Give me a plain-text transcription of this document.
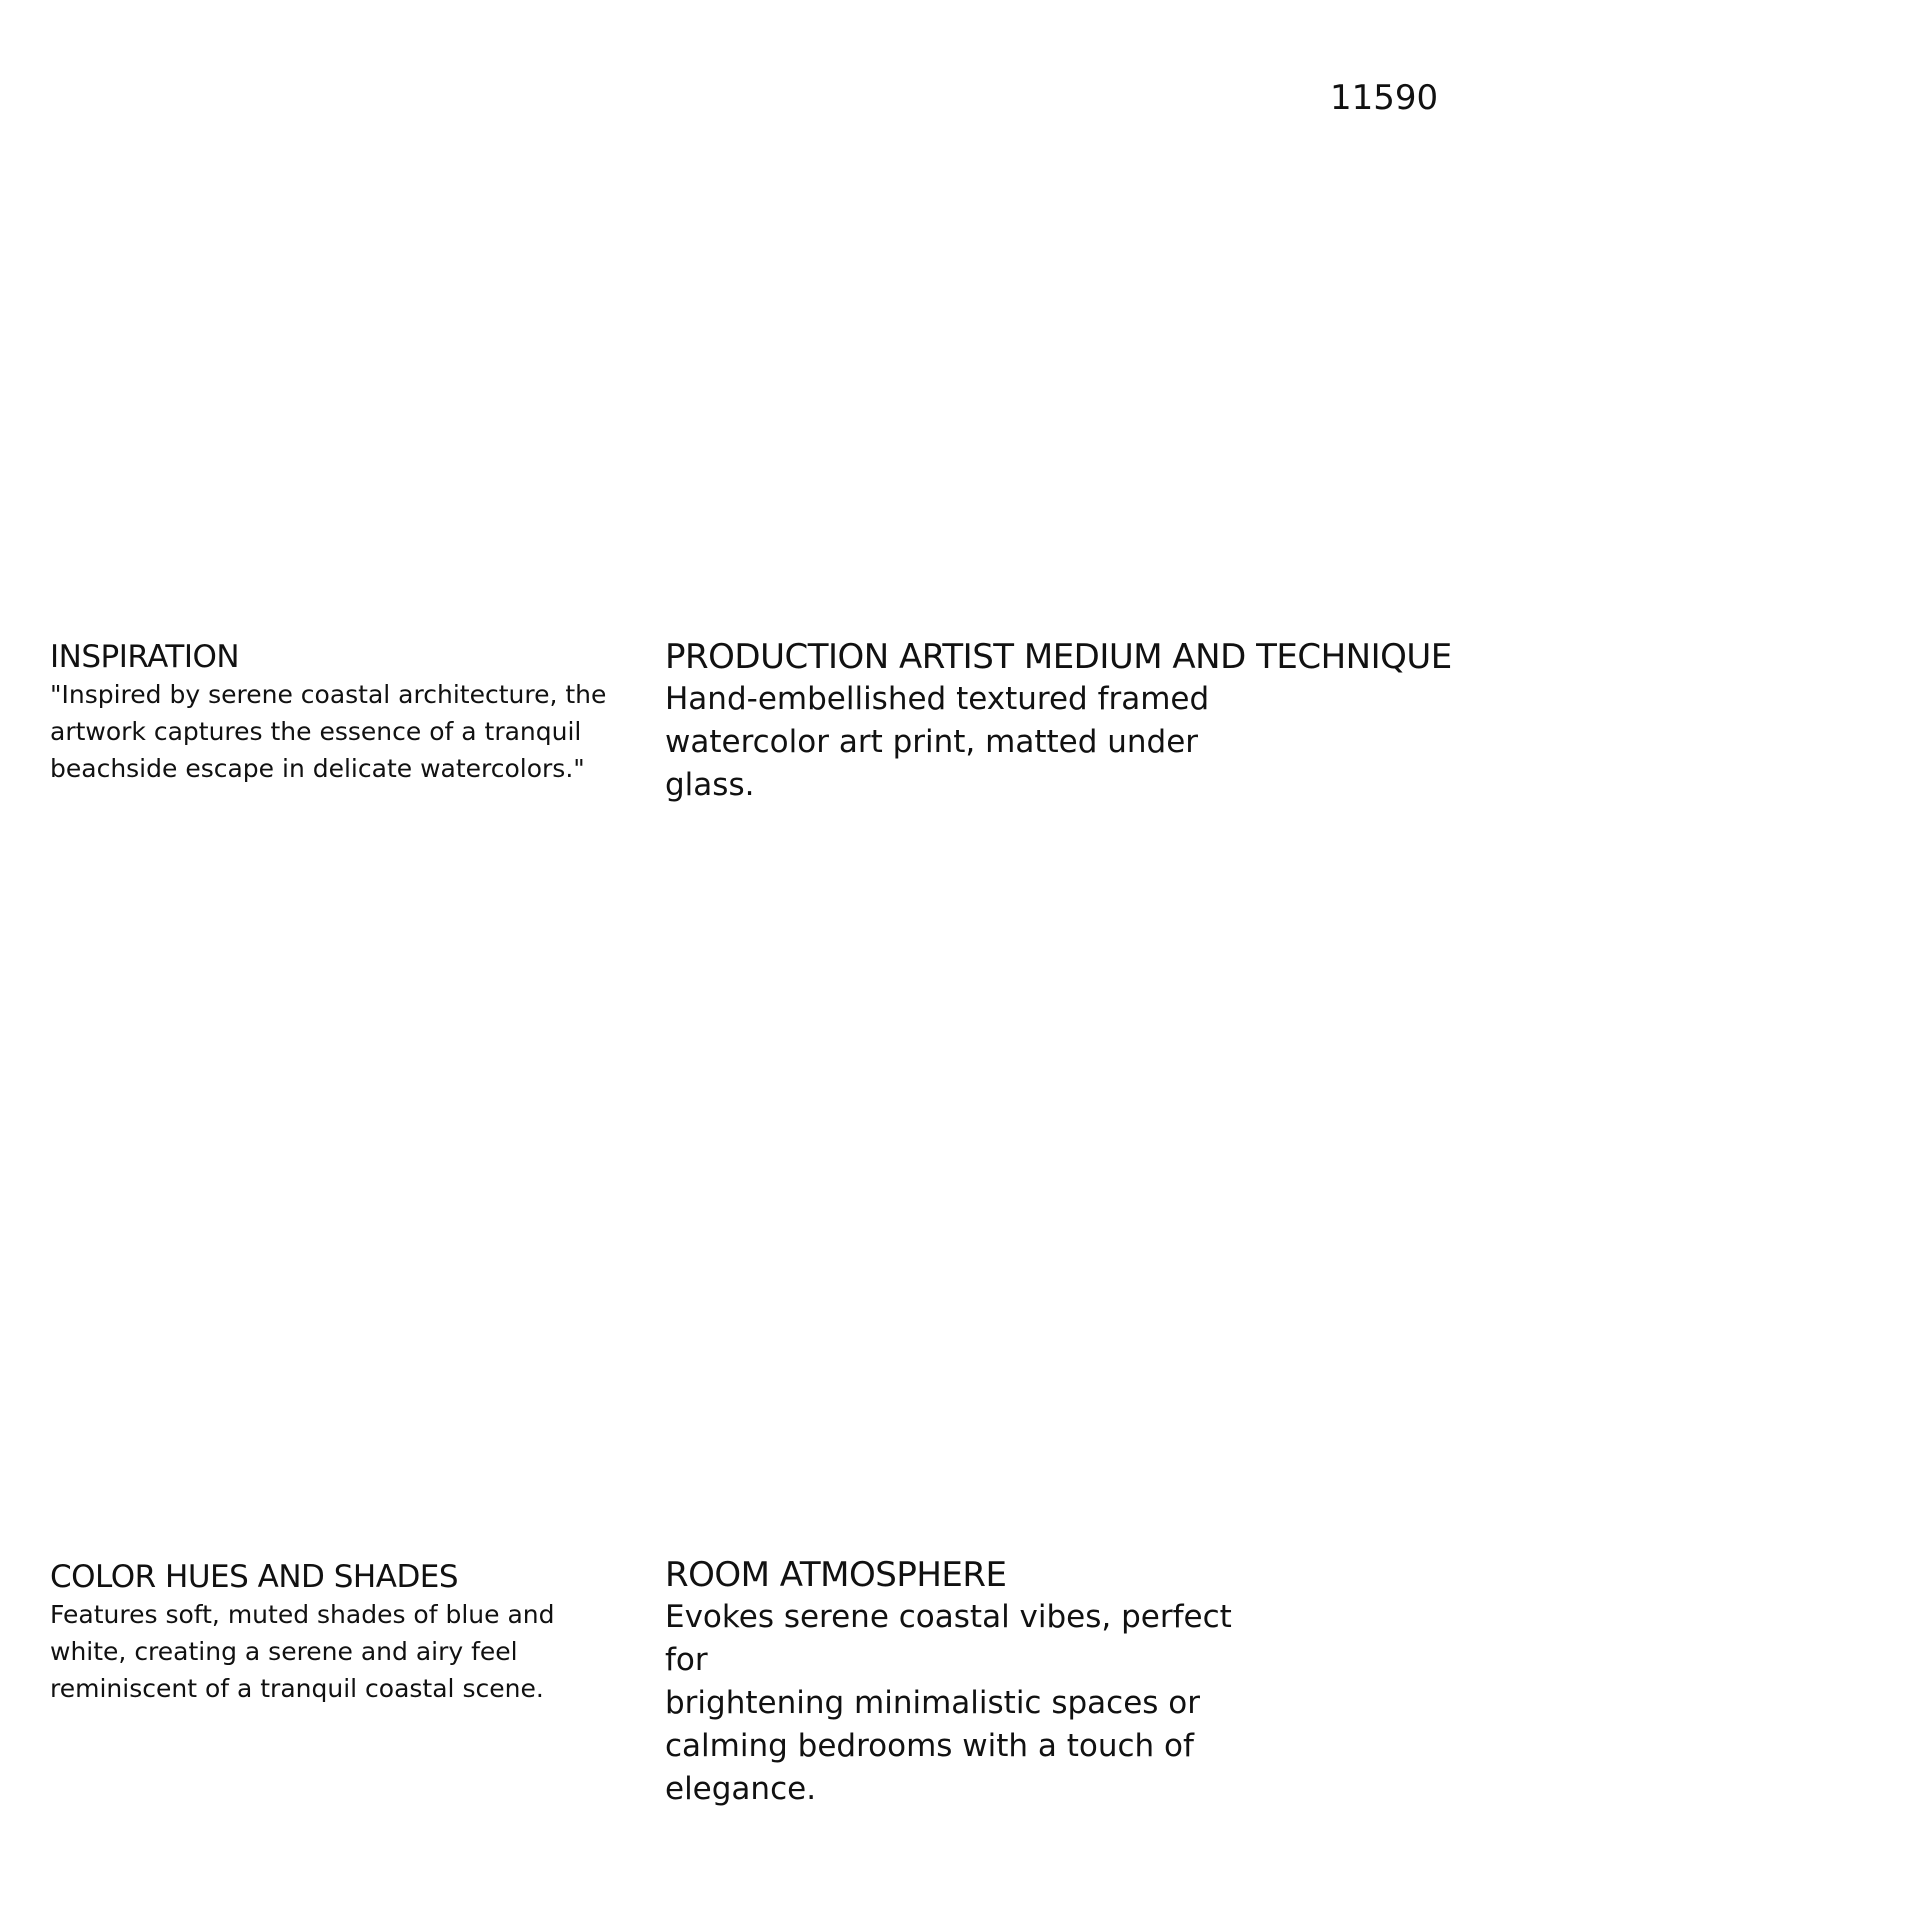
11590
INSPIRATION

"Inspired by serene coastal architecture, the
artwork captures the essence of a tranquil
beachside escape in delicate watercolors."

PRODUCTION ARTIST MEDIUM AND TECHNIQUE

Hand-embellished textured framed
watercolor art print, matted under glass.

COLOR HUES AND SHADES

Features soft, muted shades of blue and
white, creating a serene and airy feel
reminiscent of a tranquil coastal scene.

ROOM ATMOSPHERE

Evokes serene coastal vibes, perfect for
brightening minimalistic spaces or
calming bedrooms with a touch of
elegance.
